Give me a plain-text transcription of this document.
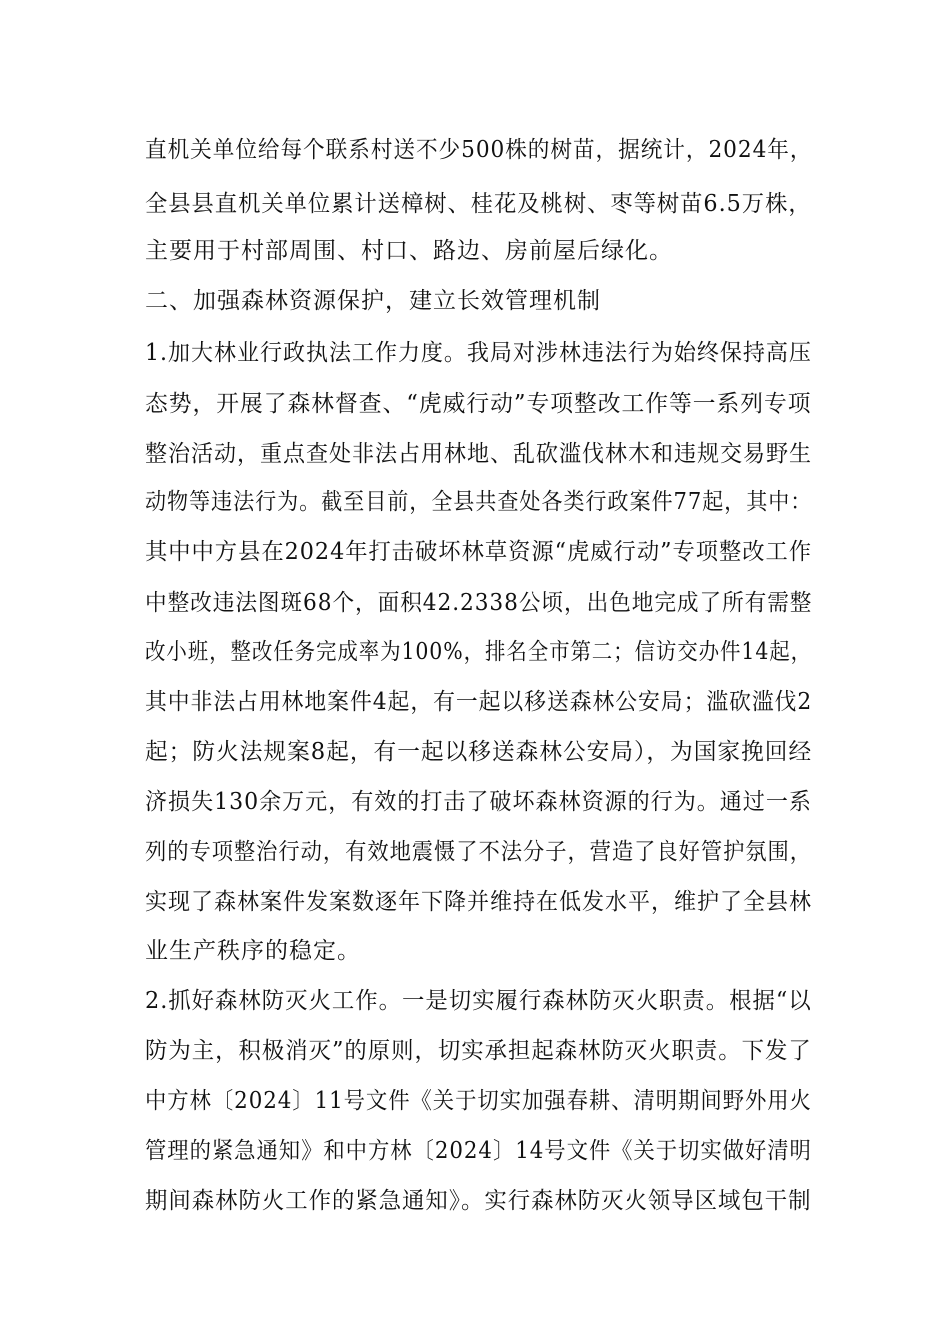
直机关单位给每个联系村送不少500株的树苗，据统计，2024年，
全县县直机关单位累计送樟树、桂花及桃树、枣等树苗6.5万株，
主要用于村部周围、村口、路边、房前屋后绿化。
二、加强森林资源保护，建立长效管理机制
1.加大林业行政执法工作力度。我局对涉林违法行为始终保持高压
态势，开展了森林督查、“虎威行动”专项整改工作等一系列专项
整治活动，重点查处非法占用林地、乱砍滥伐林木和违规交易野生
动物等违法行为。截至目前，全县共查处各类行政案件77起，其中：
其中中方县在2024年打击破坏林草资源“虎威行动”专项整改工作
中整改违法图斑68个，面积42.2338公顷，出色地完成了所有需整
改小班，整改任务完成率为100%，排名全市第二；信访交办件14起，
其中非法占用林地案件4起，有一起以移送森林公安局；滥砍滥伐2
起；防火法规案8起，有一起以移送森林公安局），为国家挽回经
济损失130余万元，有效的打击了破坏森林资源的行为。通过一系
列的专项整治行动，有效地震慑了不法分子，营造了良好管护氛围，
实现了森林案件发案数逐年下降并维持在低发水平，维护了全县林
业生产秩序的稳定。
2.抓好森林防灭火工作。一是切实履行森林防灭火职责。根据“以
防为主，积极消灭”的原则，切实承担起森林防灭火职责。下发了
中方林〔2024〕11号文件《关于切实加强春耕、清明期间野外用火
管理的紧急通知》和中方林〔2024〕14号文件《关于切实做好清明
期间森林防火工作的紧急通知》。实行森林防灭火领导区域包干制
